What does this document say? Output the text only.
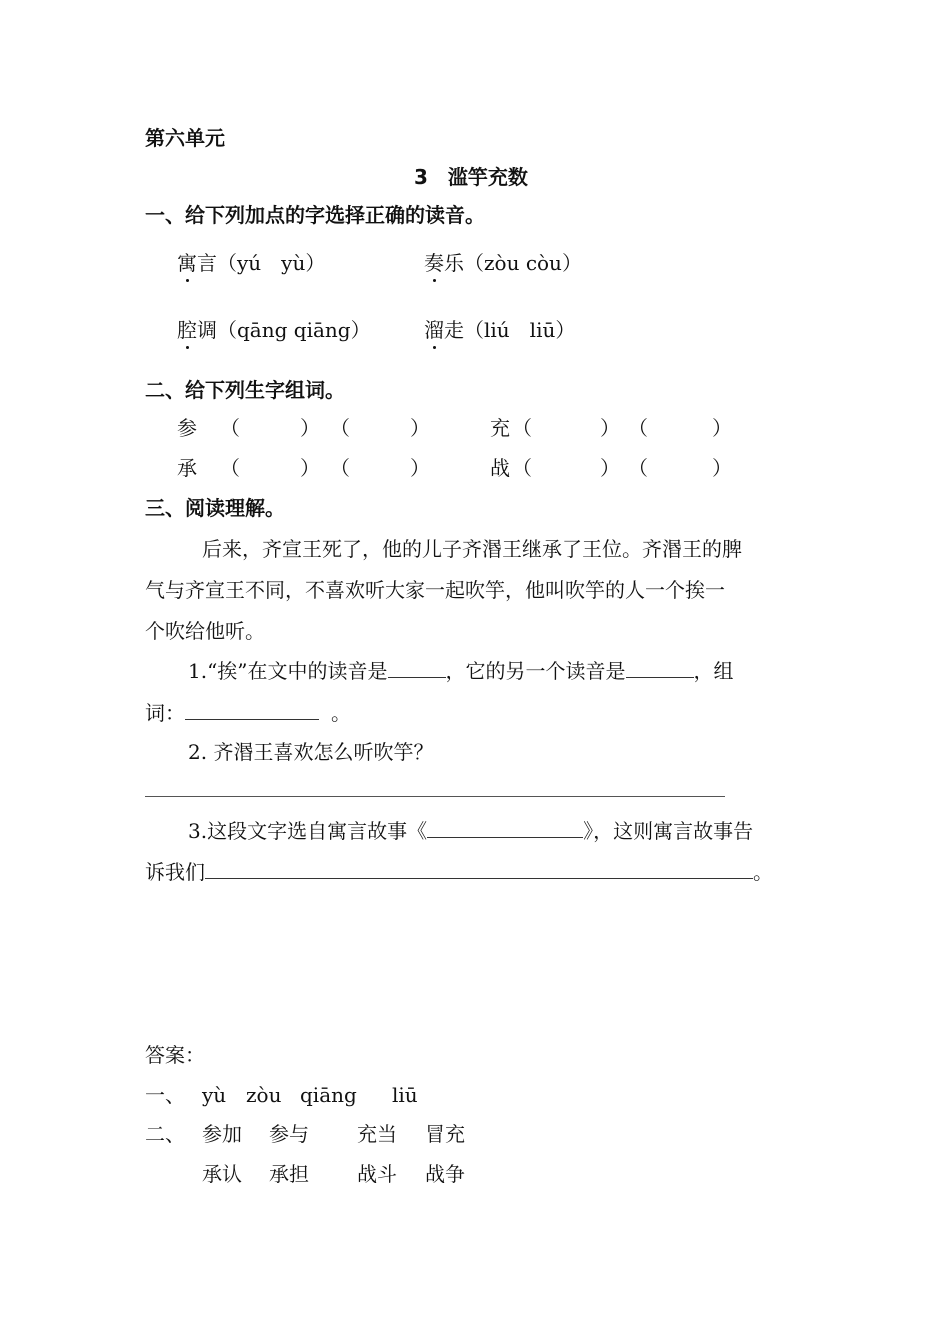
第六单元
3　滥竽充数
一、给下列加点的字选择正确的读音。
寓言（yú　yù）	奏乐（zòu còu）
腔调（qāng qiāng）	溜走（liú　liū）
二、给下列生字组词。
参 （	） （	）	充 （	） （	）
承 （	） （	）	战 （	） （	）
三、阅读理解。
后来，齐宣王死了，他的儿子齐湣王继承了王位。齐湣王的脾
气与齐宣王不同，不喜欢听大家一起吹竽，他叫吹竽的人一个挨一
个吹给他听。
1.“挨”在文中的读音是	，它的另一个读音是	，组
词：	。
2. 齐湣王喜欢怎么听吹竽？
3.这段文字选自寓言故事《	》，这则寓言故事告
诉我们	。
答案：
一、 yù zòu qiāng liū
二、 参加 参与 充当 冒充
承认 承担 战斗 战争
